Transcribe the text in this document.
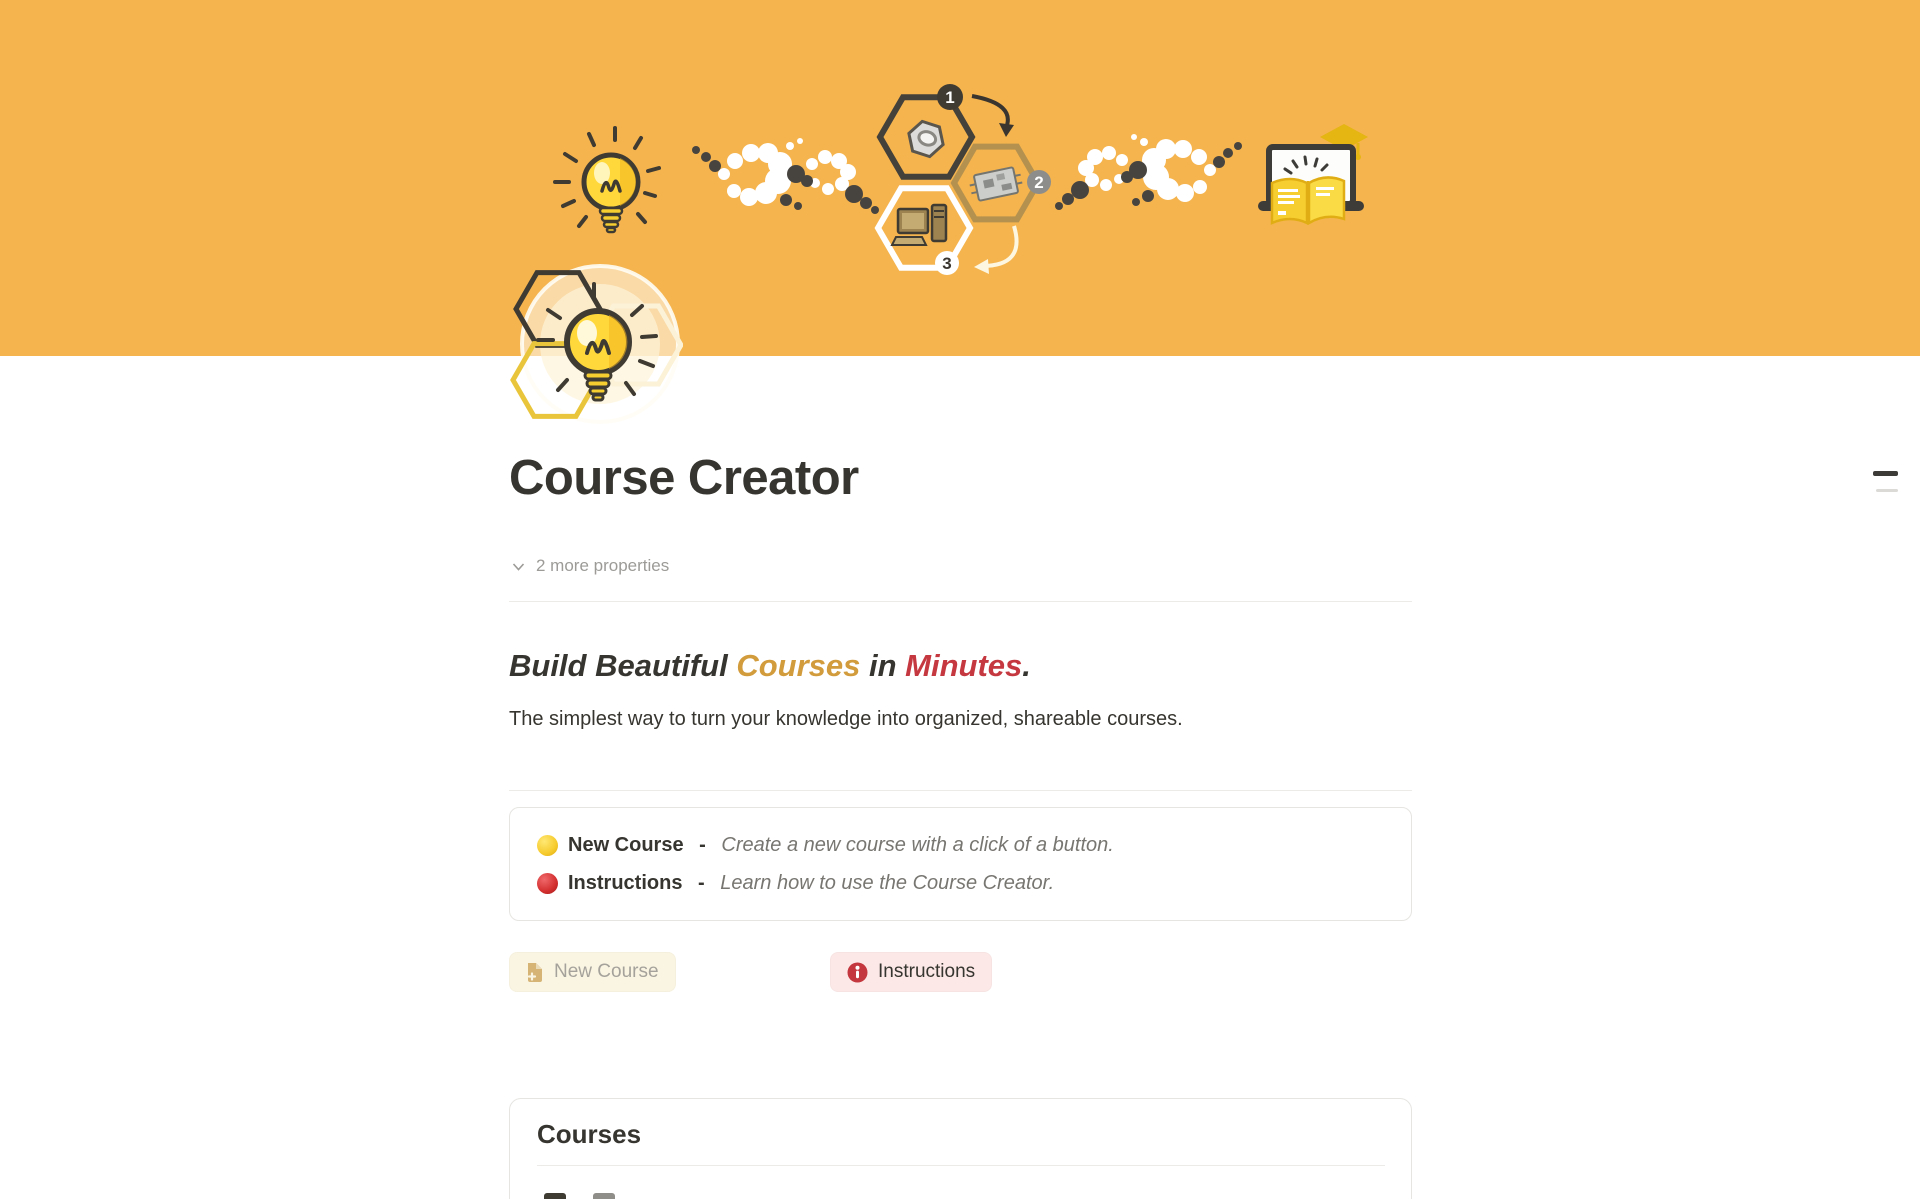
1
2
3
Course Creator
2 more properties
Build Beautiful Courses in Minutes.

The simplest way to turn your knowledge into organized, shareable courses.

New Course - Create a new course with a click of a button.
Instructions - Learn how to use the Course Creator.
New Course	Instructions
Courses
